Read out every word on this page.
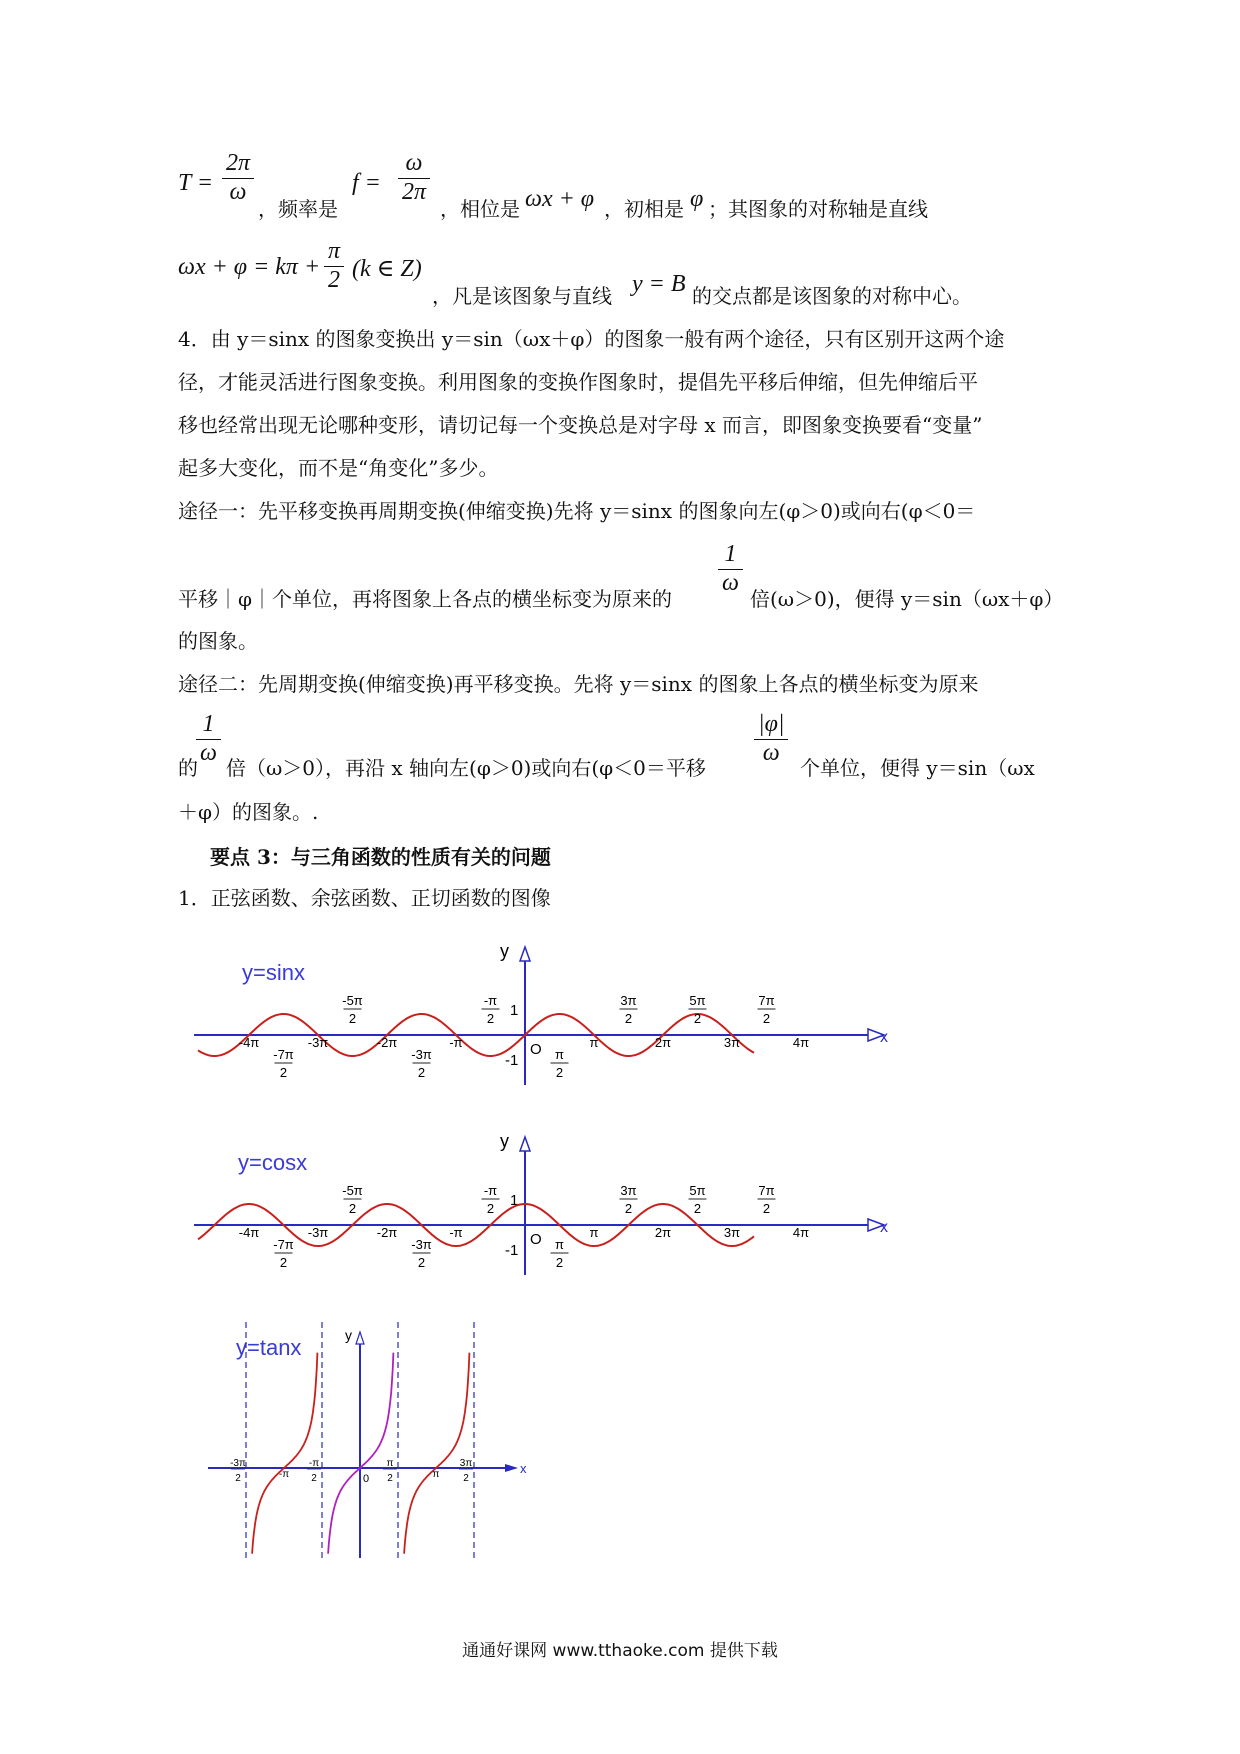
T =
2π
ω
，频率是
f =
ω
2π
，相位是 ωx + φ ，初相是 φ ；其图象的对称轴是直线
ωx + φ = kπ +
π
2 (k ∈ Z)
，凡是该图象与直线 y = B 的交点都是该图象的对称中心。
4．由 y＝sinx 的图象变换出 y＝sin（ωx＋φ）的图象一般有两个途径，只有区别开这两个途
径，才能灵活进行图象变换。利用图象的变换作图象时，提倡先平移后伸缩，但先伸缩后平
移也经常出现无论哪种变形，请切记每一个变换总是对字母 x 而言，即图象变换要看“变量”
起多大变化，而不是“角变化”多少。
途径一：先平移变换再周期变换(伸缩变换)先将 y＝sinx 的图象向左(φ＞0)或向右(φ＜0＝
1
ω
平移｜φ｜个单位，再将图象上各点的横坐标变为原来的	倍(ω＞0)，便得 y＝sin（ωx＋φ）
的图象。
途径二：先周期变换(伸缩变换)再平移变换。先将 y＝sinx 的图象上各点的横坐标变为原来
1
ω
|φ|
ω
的 倍（ω＞0），再沿 x 轴向左(φ＞0)或向右(φ＜0＝平移	个单位，便得 y＝sin（ωx
＋φ）的图象。.
要点 3：与三角函数的性质有关的问题
1．正弦函数、余弦函数、正切函数的图像
y=sinx
y
x
O
1
-1
-4π
-7π
2
-3π
-5π
2
-2π
-3π
2
-π
-π
2
π
2
π
3π
2
2π
5π
2
3π
7π
2
4π
y=cosx
y
x
O
1
-1
-4π
-7π
2
-3π
-5π
2
-2π
-3π
2
-π
-π
2
π
2
π
3π
2
2π
5π
2
3π
7π
2
4π
y=tanx	y
x
0
-3π
2	-π
-π
2
π
2	π
3π
2
通通好课网 www.tthaoke.com 提供下载
